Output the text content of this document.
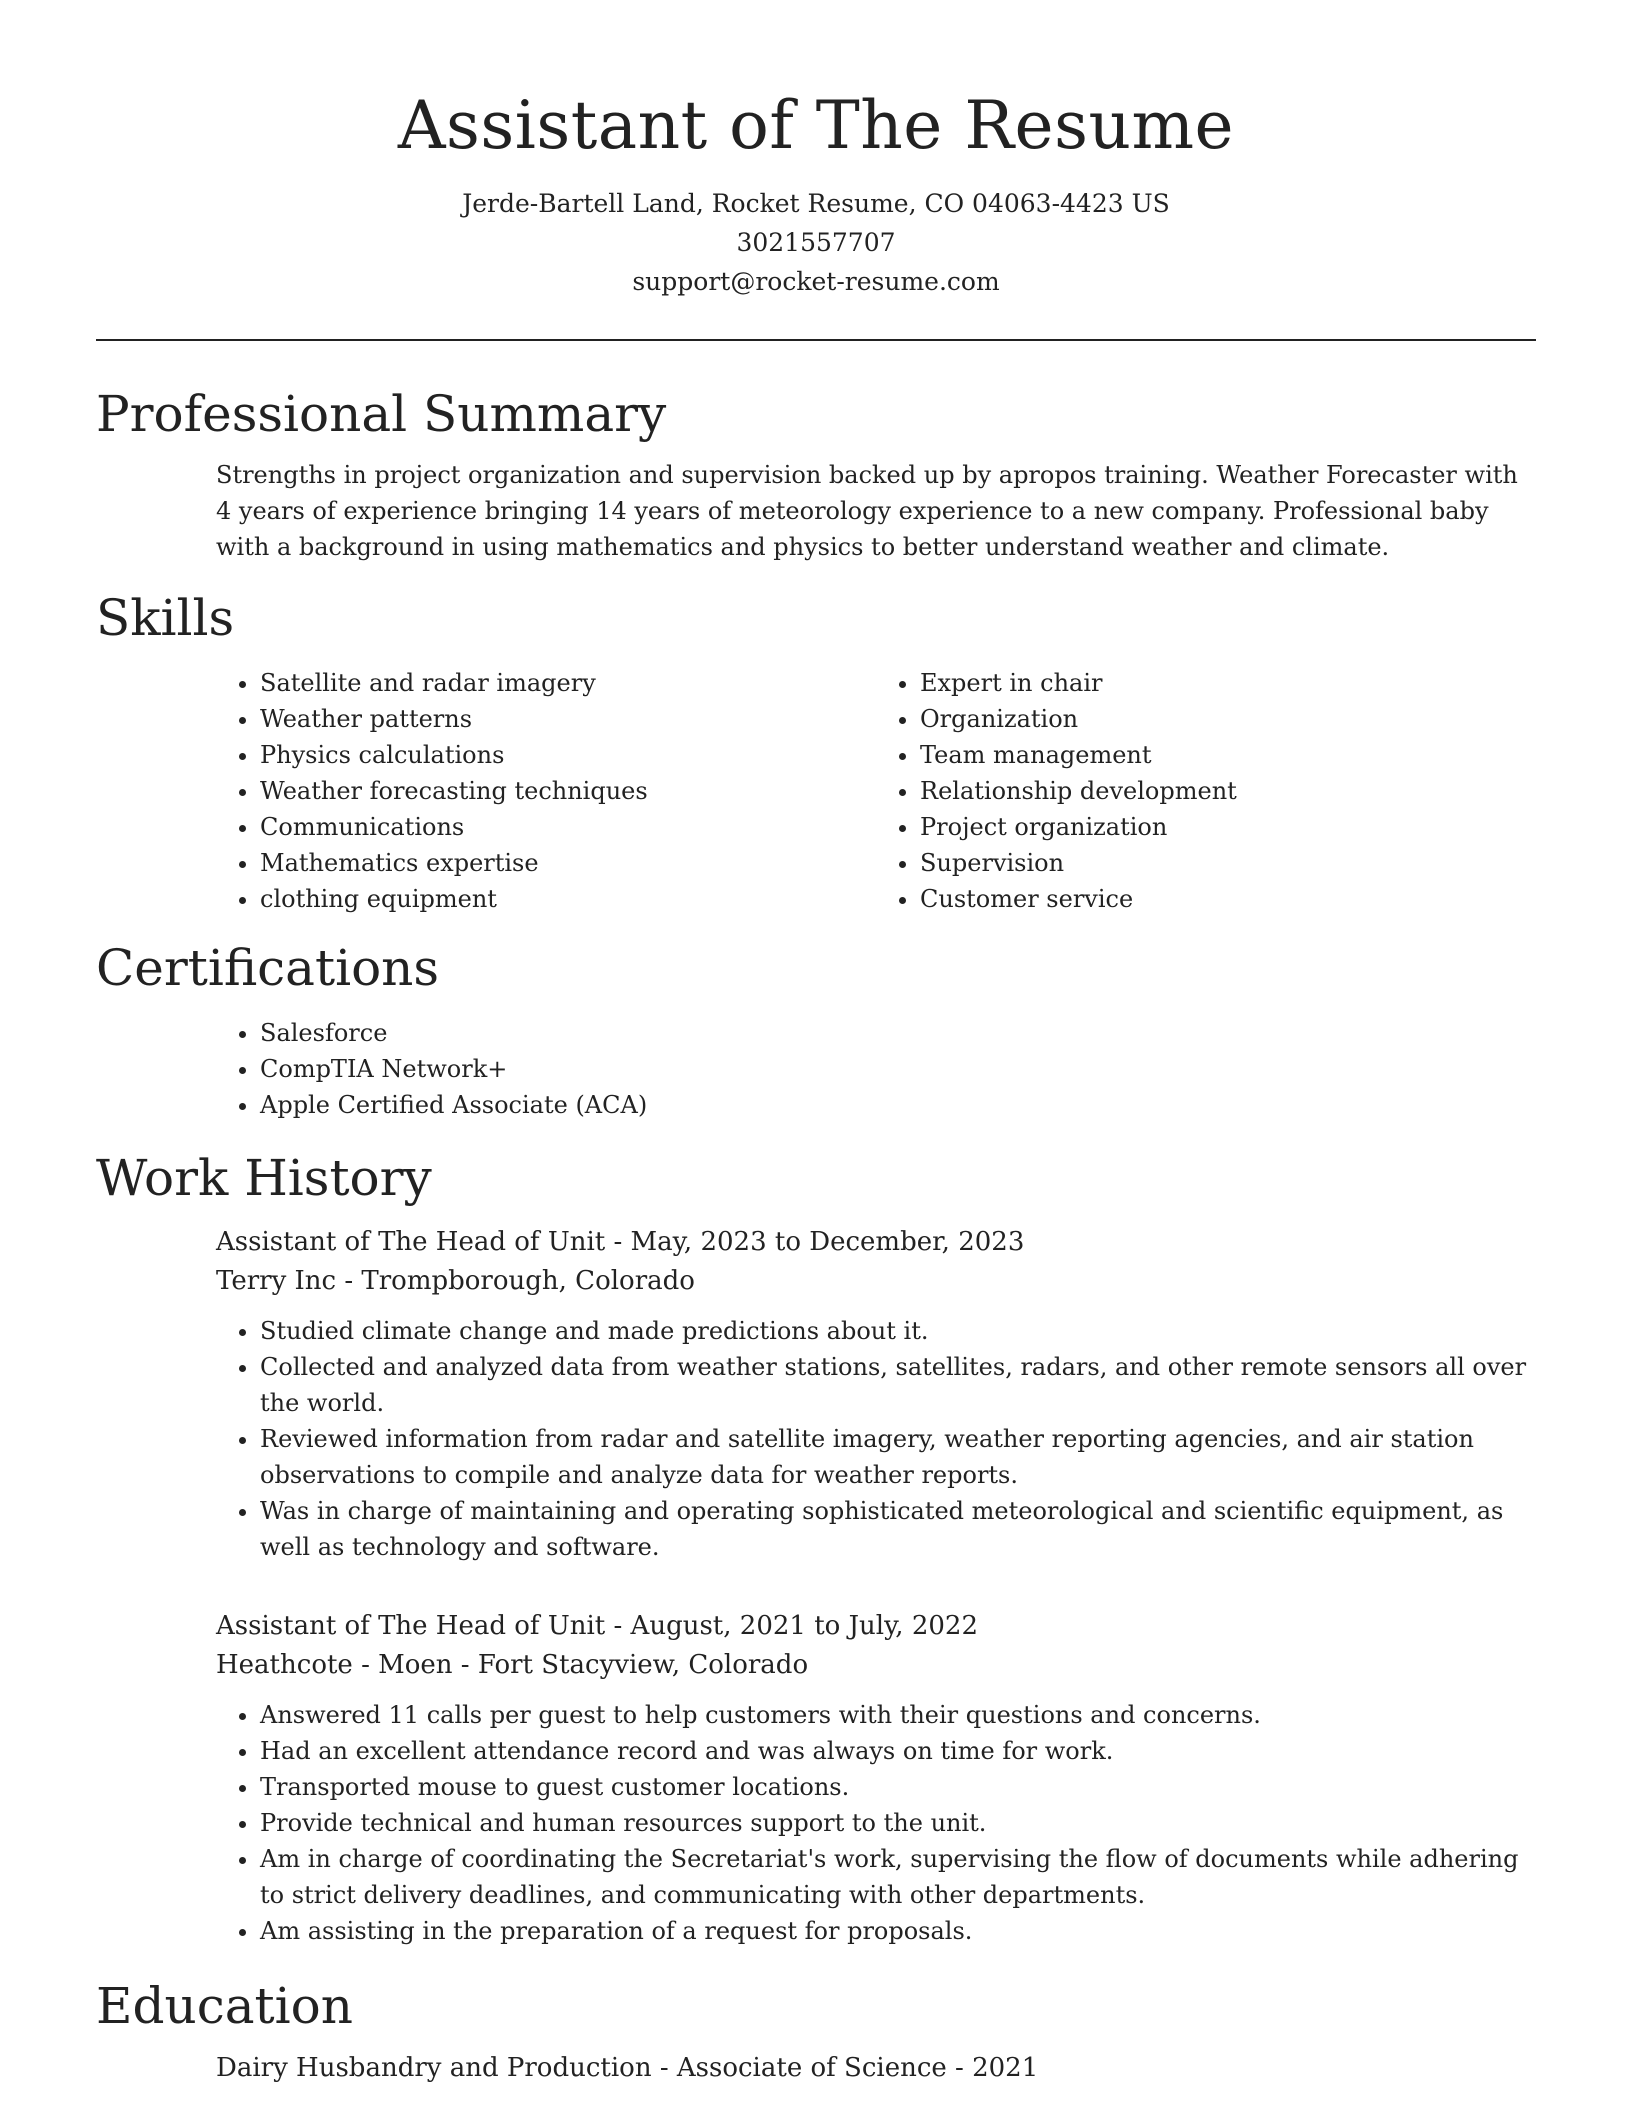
Assistant of The Resume
Jerde-Bartell Land, Rocket Resume, CO 04063-4423 US
3021557707
support@rocket-resume.com
Professional Summary

Strengths in project organization and supervision backed up by apropos training. Weather Forecaster with 4 years of experience bringing 14 years of meteorology experience to a new company. Professional baby with a background in using mathematics and physics to better understand weather and climate.

Skills
• Satellite and radar imagery
• Weather patterns
• Physics calculations
• Weather forecasting techniques
• Communications
• Mathematics expertise
• clothing equipment
• Expert in chair
• Organization
• Team management
• Relationship development
• Project organization
• Supervision
• Customer service
Certifications
• Salesforce
• CompTIA Network+
• Apple Certified Associate (ACA)
Work History
Assistant of The Head of Unit - May, 2023 to December, 2023
Terry Inc - Trompborough, Colorado
• Studied climate change and made predictions about it.
• Collected and analyzed data from weather stations, satellites, radars, and other remote sensors all over the world.
• Reviewed information from radar and satellite imagery, weather reporting agencies, and air station observations to compile and analyze data for weather reports.
• Was in charge of maintaining and operating sophisticated meteorological and scientific equipment, as well as technology and software.
Assistant of The Head of Unit - August, 2021 to July, 2022
Heathcote - Moen - Fort Stacyview, Colorado
• Answered 11 calls per guest to help customers with their questions and concerns.
• Had an excellent attendance record and was always on time for work.
• Transported mouse to guest customer locations.
• Provide technical and human resources support to the unit.
• Am in charge of coordinating the Secretariat's work, supervising the flow of documents while adhering to strict delivery deadlines, and communicating with other departments.
• Am assisting in the preparation of a request for proposals.
Education
Dairy Husbandry and Production - Associate of Science - 2021
